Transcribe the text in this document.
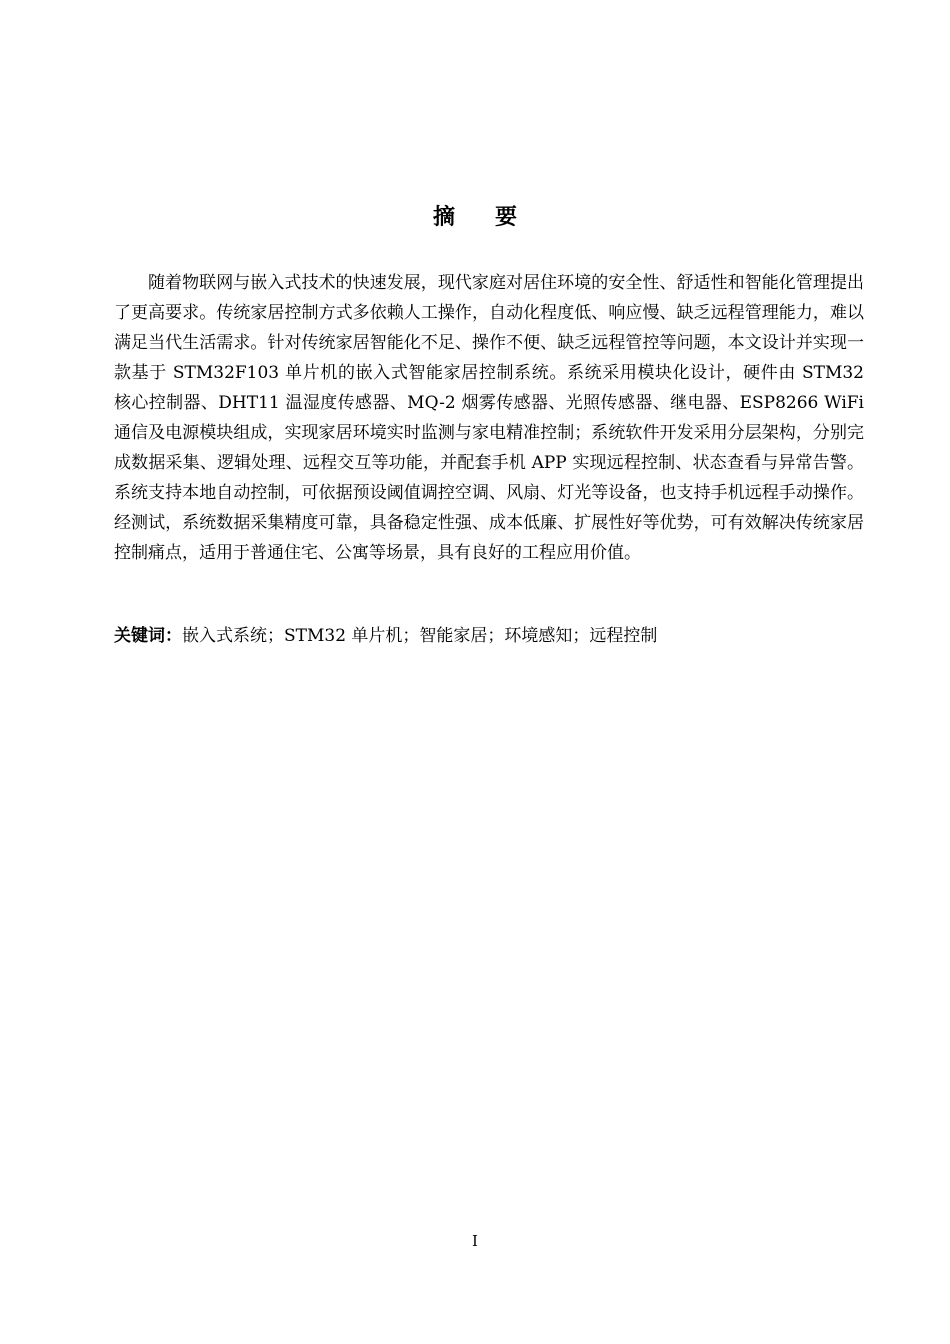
摘 要

随着物联网与嵌入式技术的快速发展，现代家庭对居住环境的安全性、舒适性和智能化管理提出了更高要求。传统家居控制方式多依赖人工操作，自动化程度低、响应慢、缺乏远程管理能力，难以满足当代生活需求。针对传统家居智能化不足、操作不便、缺乏远程管控等问题，本文设计并实现一款基于 STM32F103 单片机的嵌入式智能家居控制系统。系统采用模块化设计，硬件由 STM32 核心控制器、DHT11 温湿度传感器、MQ-2 烟雾传感器、光照传感器、继电器、ESP8266 WiFi 通信及电源模块组成，实现家居环境实时监测与家电精准控制；系统软件开发采用分层架构，分别完成数据采集、逻辑处理、远程交互等功能，并配套手机 APP 实现远程控制、状态查看与异常告警。系统支持本地自动控制，可依据预设阈值调控空调、风扇、灯光等设备，也支持手机远程手动操作。经测试，系统数据采集精度可靠，具备稳定性强、成本低廉、扩展性好等优势，可有效解决传统家居控制痛点，适用于普通住宅、公寓等场景，具有良好的工程应用价值。

关键词：嵌入式系统；STM32 单片机；智能家居；环境感知；远程控制

I
